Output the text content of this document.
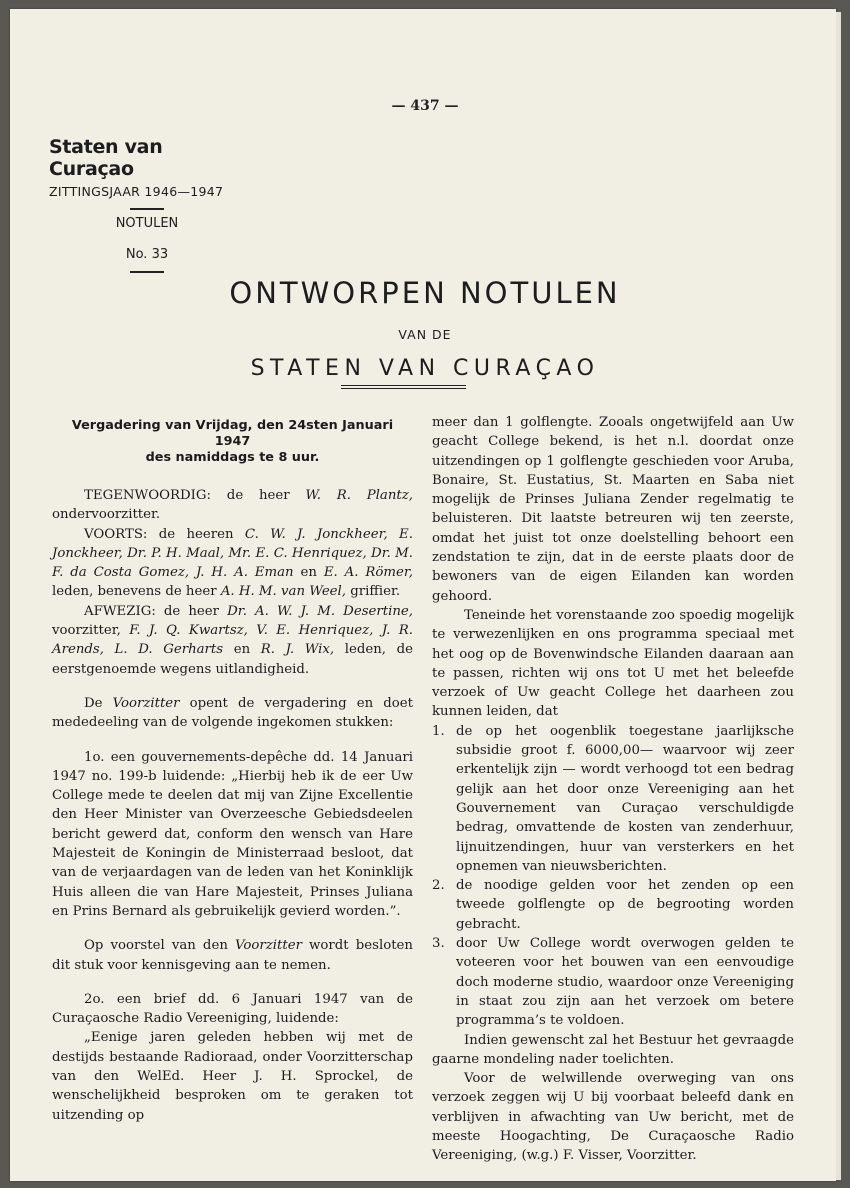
— 437 —
Staten van Curaçao
ZITTINGSJAAR 1946—1947
NOTULEN
No. 33
ONTWORPEN NOTULEN
VAN DE
STATEN VAN CURAÇAO

Vergadering van Vrijdag, den 24sten Januari 1947
des namiddags te 8 uur.

TEGENWOORDIG: de heer W. R. Plantz, ondervoorzitter.

VOORTS: de heeren C. W. J. Jonckheer, E. Jonckheer, Dr. P. H. Maal, Mr. E. C. Henriquez, Dr. M. F. da Costa Gomez, J. H. A. Eman en E. A. Römer, leden, benevens de heer A. H. M. van Weel, griffier.

AFWEZIG: de heer Dr. A. W. J. M. Desertine, voorzitter, F. J. Q. Kwartsz, V. E. Henriquez, J. R. Arends, L. D. Gerharts en R. J. Wix, leden, de eerstgenoemde wegens uitlandigheid.

De Voorzitter opent de vergadering en doet mededeeling van de volgende ingekomen stukken:

1o. een gouvernements-depêche dd. 14 Januari 1947 no. 199-b luidende: „Hierbij heb ik de eer Uw College mede te deelen dat mij van Zijne Excellentie den Heer Minister van Overzeesche Gebiedsdeelen bericht gewerd dat, conform den wensch van Hare Majesteit de Koningin de Ministerraad besloot, dat van de verjaardagen van de leden van het Koninklijk Huis alleen die van Hare Majesteit, Prinses Juliana en Prins Bernard als gebruikelijk gevierd worden.”.

Op voorstel van den Voorzitter wordt besloten dit stuk voor kennisgeving aan te nemen.

2o. een brief dd. 6 Januari 1947 van de Curaçaosche Radio Vereeniging, luidende:

„Eenige jaren geleden hebben wij met de destijds bestaande Radioraad, onder Voorzitterschap van den WelEd. Heer J. H. Sprockel, de wenschelijkheid besproken om te geraken tot uitzending op

meer dan 1 golflengte. Zooals ongetwijfeld aan Uw geacht College bekend, is het n.l. doordat onze uitzendingen op 1 golflengte geschieden voor Aruba, Bonaire, St. Eustatius, St. Maarten en Saba niet mogelijk de Prinses Juliana Zender regelmatig te beluisteren. Dit laatste betreuren wij ten zeerste, omdat het juist tot onze doelstelling behoort een zendstation te zijn, dat in de eerste plaats door de bewoners van de eigen Eilanden kan worden gehoord.

Teneinde het vorenstaande zoo spoedig mogelijk te verwezenlijken en ons programma speciaal met het oog op de Bovenwindsche Eilanden daaraan aan te passen, richten wij ons tot U met het beleefde verzoek of Uw geacht College het daarheen zou kunnen leiden, dat

1. de op het oogenblik toegestane jaarlijksche subsidie groot f. 6000,00— waarvoor wij zeer erkentelijk zijn — wordt verhoogd tot een bedrag gelijk aan het door onze Vereeniging aan het Gouvernement van Curaçao verschuldigde bedrag, omvattende de kosten van zenderhuur, lijnuitzendingen, huur van versterkers en het opnemen van nieuwsberichten.
2. de noodige gelden voor het zenden op een tweede golflengte op de begrooting worden gebracht.
3. door Uw College wordt overwogen gelden te voteeren voor het bouwen van een eenvoudige doch moderne studio, waardoor onze Vereeniging in staat zou zijn aan het verzoek om betere programma’s te voldoen.

Indien gewenscht zal het Bestuur het gevraagde gaarne mondeling nader toelichten.

Voor de welwillende overweging van ons verzoek zeggen wij U bij voorbaat beleefd dank en verblijven in afwachting van Uw bericht, met de meeste Hoogachting, De Curaçaosche Radio Vereeniging, (w.g.) F. Visser, Voorzitter.
